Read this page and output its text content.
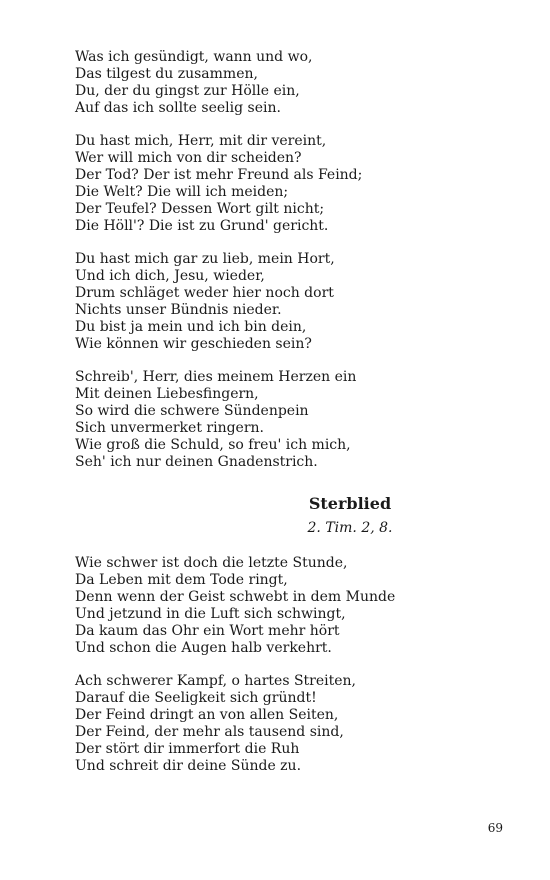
Was ich gesündigt, wann und wo,
Das tilgest du zusammen,
Du, der du gingst zur Hölle ein,
Auf das ich sollte seelig sein.
Du hast mich, Herr, mit dir vereint,
Wer will mich von dir scheiden?
Der Tod? Der ist mehr Freund als Feind;
Die Welt? Die will ich meiden;
Der Teufel? Dessen Wort gilt nicht;
Die Höll'? Die ist zu Grund' gericht.
Du hast mich gar zu lieb, mein Hort,
Und ich dich, Jesu, wieder,
Drum schläget weder hier noch dort
Nichts unser Bündnis nieder.
Du bist ja mein und ich bin dein,
Wie können wir geschieden sein?
Schreib', Herr, dies meinem Herzen ein
Mit deinen Liebesfingern,
So wird die schwere Sündenpein
Sich unvermerket ringern.
Wie groß die Schuld, so freu' ich mich,
Seh' ich nur deinen Gnadenstrich.
Sterblied
2. Tim. 2, 8.
Wie schwer ist doch die letzte Stunde,
Da Leben mit dem Tode ringt,
Denn wenn der Geist schwebt in dem Munde
Und jetzund in die Luft sich schwingt,
Da kaum das Ohr ein Wort mehr hört
Und schon die Augen halb verkehrt.
Ach schwerer Kampf, o hartes Streiten,
Darauf die Seeligkeit sich gründt!
Der Feind dringt an von allen Seiten,
Der Feind, der mehr als tausend sind,
Der stört dir immerfort die Ruh
Und schreit dir deine Sünde zu.
69
